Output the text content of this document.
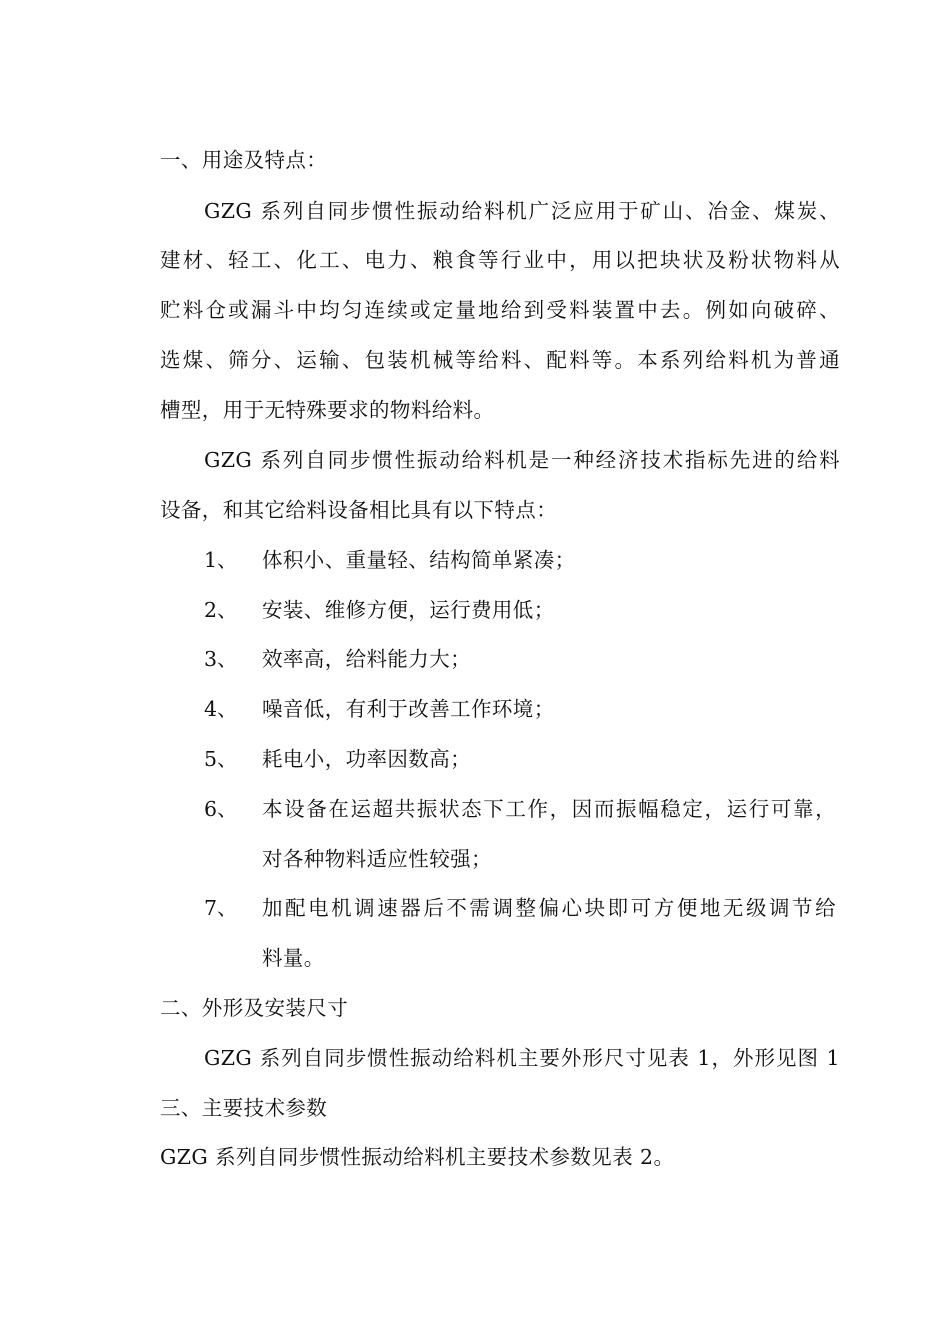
一、用途及特点：
GZG 系列自同步惯性振动给料机广泛应用于矿山、冶金、煤炭、
建材、轻工、化工、电力、粮食等行业中，用以把块状及粉状物料从
贮料仓或漏斗中均匀连续或定量地给到受料装置中去。例如向破碎、
选煤、筛分、运输、包装机械等给料、配料等。本系列给料机为普通
槽型，用于无特殊要求的物料给料。
GZG 系列自同步惯性振动给料机是一种经济技术指标先进的给料
设备，和其它给料设备相比具有以下特点：
1、 体积小、重量轻、结构简单紧凑；
2、 安装、维修方便，运行费用低；
3、 效率高，给料能力大；
4、 噪音低，有利于改善工作环境；
5、 耗电小，功率因数高；
6、 本设备在运超共振状态下工作，因而振幅稳定，运行可靠，
对各种物料适应性较强；
7、 加配电机调速器后不需调整偏心块即可方便地无级调节给
料量。
二、外形及安装尺寸
GZG 系列自同步惯性振动给料机主要外形尺寸见表 1，外形见图 1
三、主要技术参数
GZG 系列自同步惯性振动给料机主要技术参数见表 2。
